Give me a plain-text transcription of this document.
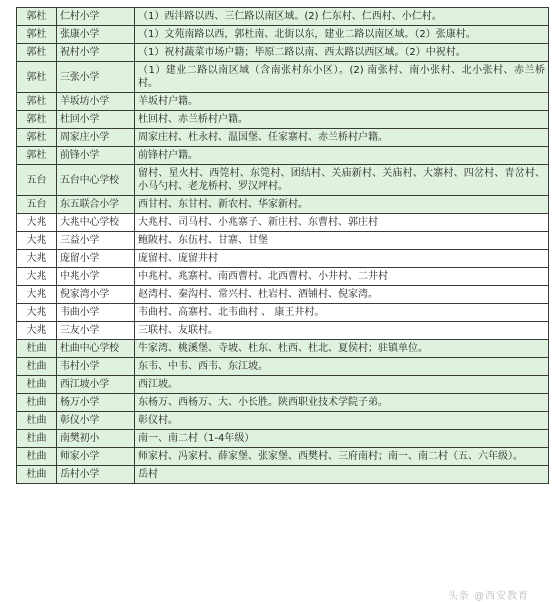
郭杜	仁村小学	（1）西沣路以西、三仁路以南区域。(2) 仁东村、仁西村、小仁村。
郭杜	张康小学	（1）文苑南路以西，郭杜南、北街以东，建业二路以南区域。（2）张康村。
郭杜	祝村小学	（1）祝村蔬菜市场户籍；毕原二路以南、西太路以西区域。（2）中祝村。
郭杜	三张小学	（1）建业二路以南区域（含南张村东小区）。(2) 南张村、南小张村、北小张村、赤兰桥村。
郭杜	羊坂坊小学	羊坂村户籍。
郭杜	杜回小学	杜回村、赤兰桥村户籍。
郭杜	周家庄小学	周家庄村、杜永村、温国堡、任家寨村、赤兰桥村户籍。
郭杜	前锋小学	前锋村户籍。
五台	五台中心学校	留村、星火村、西筦村、东筦村、团结村、关庙新村、关庙村、大寨村、四岔村、青岔村、小马勺村、老龙桥村、罗汉坪村。
五台	东五联合小学	西甘村、东甘村、新农村、华家新村。
大兆	大兆中心学校	大兆村、司马村、小兆寨子、新庄村、东曹村、郭庄村
大兆	三益小学	鲍陂村、东伍村、甘寨、甘堡
大兆	庞留小学	庞留村、庞留井村
大兆	中兆小学	中兆村、兆寨村、南西曹村、北西曹村、小井村、二井村
大兆	倪家湾小学	赵湾村、秦沟村、常兴村、杜岩村、酒铺村、倪家湾。
大兆	韦曲小学	韦曲村、高寨村、北韦曲村 、 康王井村。
大兆	三友小学	三联村、友联村。
杜曲	杜曲中心学校	牛家湾、桃溪堡、寺坡、杜东、杜西、杜北、夏侯村；驻镇单位。
杜曲	韦村小学	东韦、中韦、西韦、东江坡。
杜曲	西江坡小学	西江坡。
杜曲	杨万小学	东杨万、西杨万、大、小长胜。陕西职业技术学院子弟。
杜曲	彰仪小学	彰仪村。
杜曲	南樊初小	南一、南二村（1-4年级）
杜曲	师家小学	师家村、冯家村、薛家堡、张家堡、西樊村、三府南村；南一、南二村（五、六年级）。
杜曲	岳村小学	岳村
头条 @西安教育
